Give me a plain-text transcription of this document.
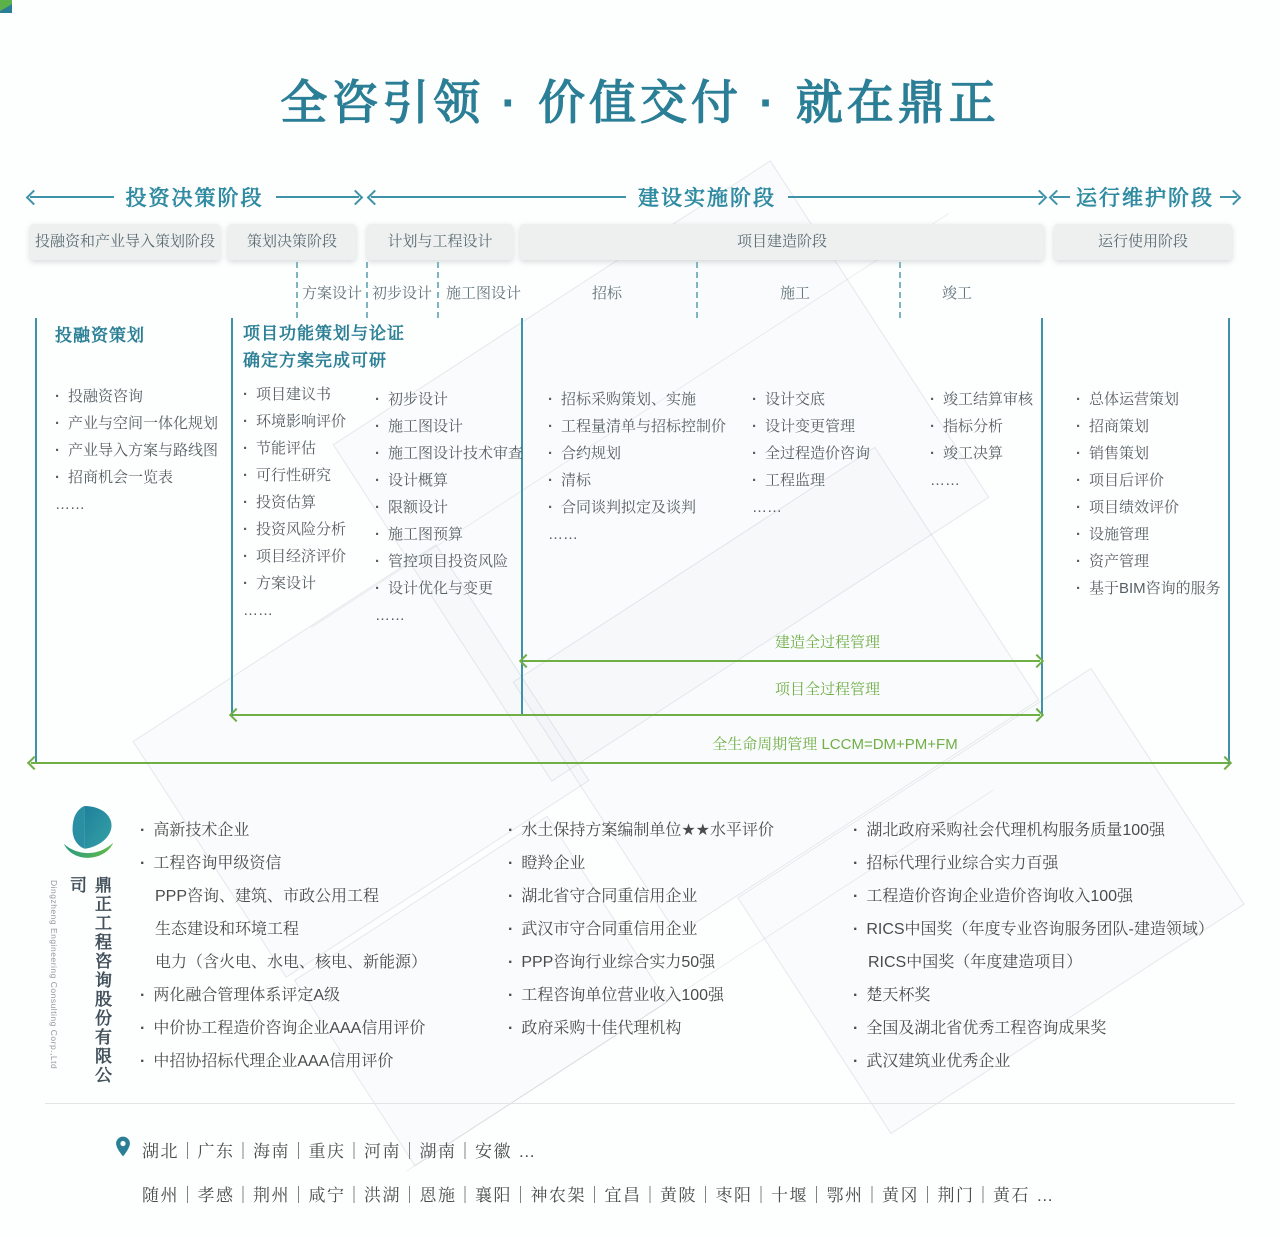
全咨引领 · 价值交付 · 就在鼎正
投资决策阶段	建设实施阶段	运行维护阶段
投融资和产业导入策划阶段	策划决策阶段	计划与工程设计	项目建造阶段	运行使用阶段
方案设计 初步设计 施工图设计	招标	施工	竣工
投融资策划
· 投融资咨询
· 产业与空间一体化规划
· 产业导入方案与路线图
· 招商机会一览表
……
项目功能策划与论证
确定方案完成可研
· 项目建议书
· 环境影响评价
· 节能评估
· 可行性研究
· 投资估算
· 投资风险分析
· 项目经济评价
· 方案设计
……
· 初步设计
· 施工图设计
· 施工图设计技术审查
· 设计概算
· 限额设计
· 施工图预算
· 管控项目投资风险
· 设计优化与变更
……
· 招标采购策划、实施
· 工程量清单与招标控制价
· 合约规划
· 清标
· 合同谈判拟定及谈判
……
· 设计交底
· 设计变更管理
· 全过程造价咨询
· 工程监理
……
· 竣工结算审核
· 指标分析
· 竣工决算
……
· 总体运营策划
· 招商策划
· 销售策划
· 项目后评价
· 项目绩效评价
· 设施管理
· 资产管理
· 基于BIM咨询的服务
建造全过程管理
项目全过程管理
全生命周期管理 LCCM=DM+PM+FM
Dingzheng Engineering Consulting Corp.,Ltd	鼎正工程咨询股份有限公司
· 高新技术企业
· 工程咨询甲级资信
PPP咨询、建筑、市政公用工程
生态建设和环境工程
电力（含火电、水电、核电、新能源）
· 两化融合管理体系评定A级
· 中价协工程造价咨询企业AAA信用评价
· 中招协招标代理企业AAA信用评价
· 水土保持方案编制单位★★水平评价
· 瞪羚企业
· 湖北省守合同重信用企业
· 武汉市守合同重信用企业
· PPP咨询行业综合实力50强
· 工程咨询单位营业收入100强
· 政府采购十佳代理机构
· 湖北政府采购社会代理机构服务质量100强
· 招标代理行业综合实力百强
· 工程造价咨询企业造价咨询收入100强
· RICS中国奖（年度专业咨询服务团队-建造领域）
RICS中国奖（年度建造项目）
· 楚天杯奖
· 全国及湖北省优秀工程咨询成果奖
· 武汉建筑业优秀企业
湖北｜广东｜海南｜重庆｜河南｜湖南｜安徽 …
随州｜孝感｜荆州｜咸宁｜洪湖｜恩施｜襄阳｜神农架｜宜昌｜黄陂｜枣阳｜十堰｜鄂州｜黄冈｜荆门｜黄石 …
